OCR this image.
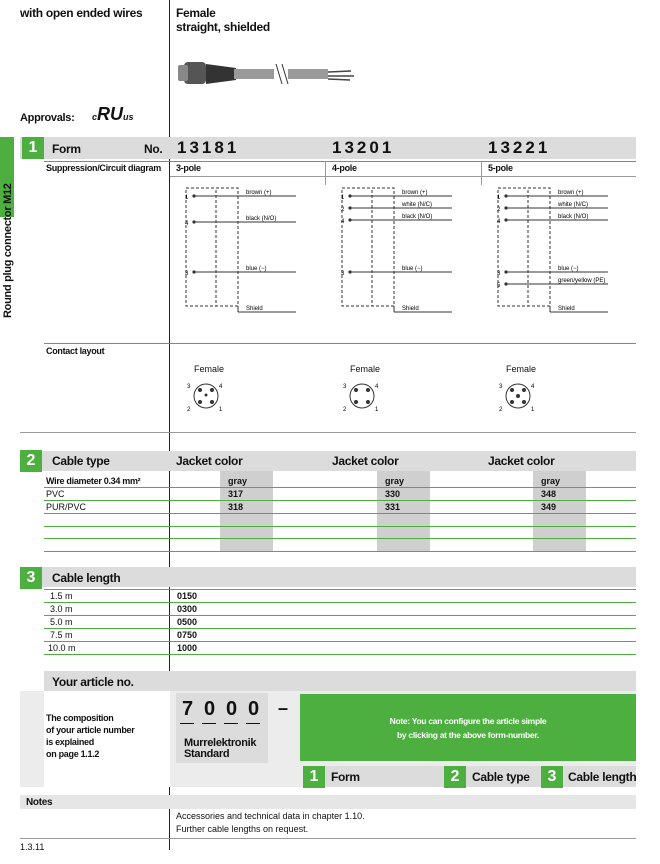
with open ended wires	Female
straight, shielded
Approvals: cRUus
Round plug connector M12
1	Form	No. 13181	13201	13221
Suppression/Circuit diagram 3-pole	4-pole	5-pole
1
4
3
brown (+)
black (N/O)
blue (−)
Shield
1
2
4
3
brown (+)
white (N/C)
black (N/O)
blue (−)
Shield
1
2
4
3
5
brown (+)
white (N/C)
black (N/O)
blue (−)
green/yellow (PE)
Shield
Contact layout
Female
3	4
2	1
Female
3	4
2	1
Female
3	4
2	1
2	Cable type	Jacket color	Jacket color	Jacket color
Wire diameter 0.34 mm²	gray	gray	gray
PVC	317	330	348
PUR/PVC	318	331	349
3	Cable length
1.5 m	0150
3.0 m	0300
5.0 m	0500
7.5 m	0750
10.0 m	1000
Your article no.
The composition
of your article number
is explained
on page 1.1.2
7 0 0 0 –
Murrelektronik
Standard
Note: You can configure the article simple
by clicking at the above form-number.
1	Form	2	Cable type	3 Cable length
Notes
Accessories and technical data in chapter 1.10.
Further cable lengths on request.
1.3.11
